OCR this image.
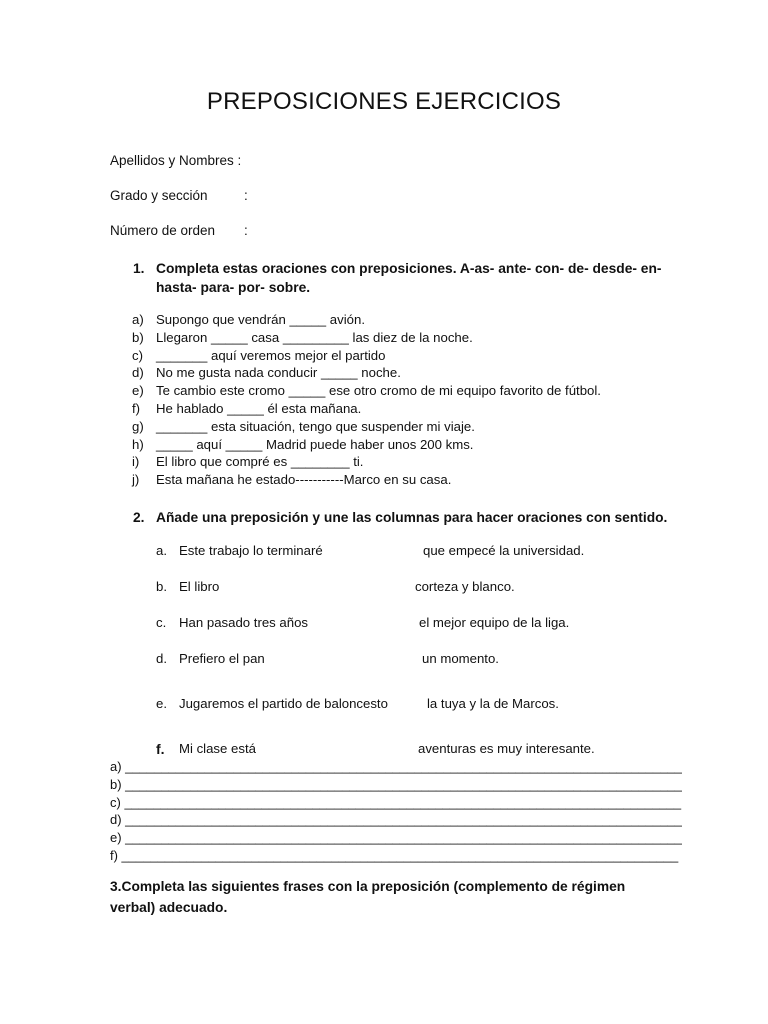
PREPOSICIONES EJERCICIOS
Apellidos y Nombres :
Grado y sección	:
Número de orden :
1. Completa estas oraciones con preposiciones. A-as- ante- con- de- desde- en-
hasta- para- por- sobre.
a) Supongo que vendrán _____ avión.
b) Llegaron _____ casa _________ las diez de la noche.
c) _______ aquí veremos mejor el partido
d) No me gusta nada conducir _____ noche.
e) Te cambio este cromo _____ ese otro cromo de mi equipo favorito de fútbol.
f) He hablado _____ él esta mañana.
g) _______ esta situación, tengo que suspender mi viaje.
h) _____ aquí _____ Madrid puede haber unos 200 kms.
i) El libro que compré es ________ ti.
j) Esta mañana he estado-----------Marco en su casa.
2. Añade una preposición y une las columnas para hacer oraciones con sentido.
a. Este trabajo lo terminaré	que empecé la universidad.
b. El libro	corteza y blanco.
c. Han pasado tres años	el mejor equipo de la liga.
d. Prefiero el pan	un momento.
e. Jugaremos el partido de baloncesto	la tuya y la de Marcos.
f. Mi clase está	aventuras es muy interesante.
a) _____________________________________________________________________________
b) _____________________________________________________________________________
c) _____________________________________________________________________________
d) _____________________________________________________________________________
e) _____________________________________________________________________________
f) _____________________________________________________________________________
3.Completa las siguientes frases con la preposición (complemento de régimen verbal) adecuado.
